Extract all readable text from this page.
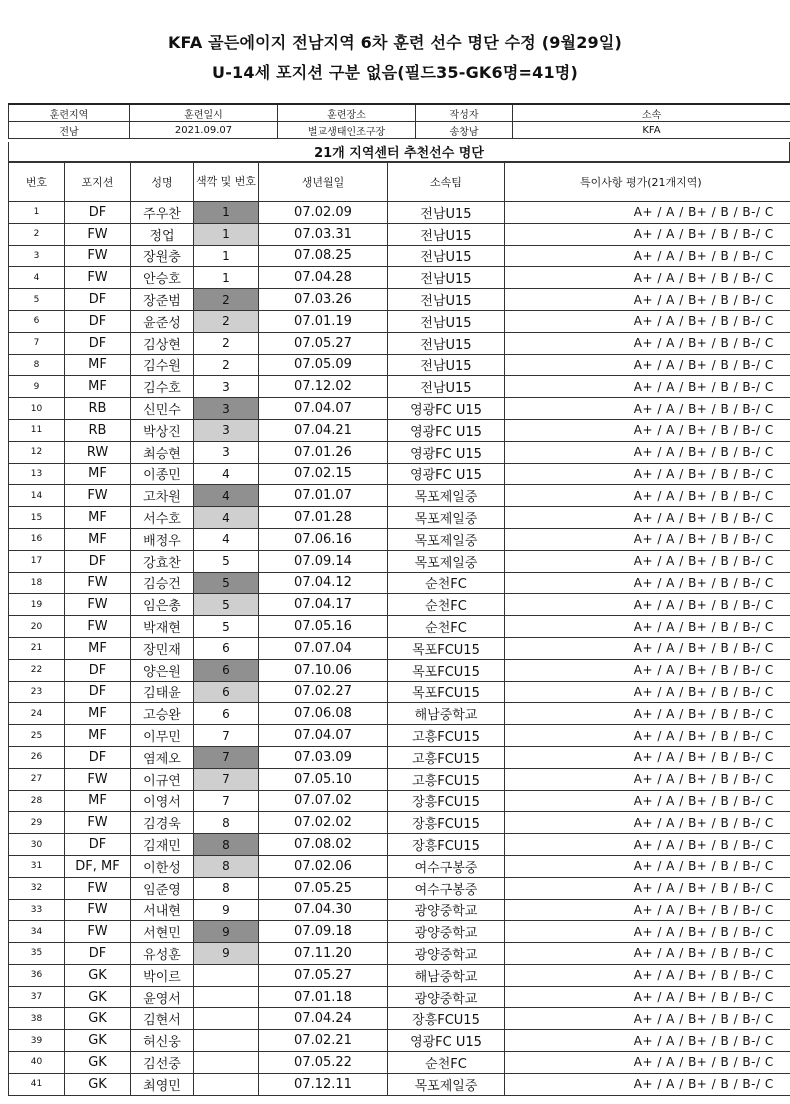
KFA 골든에이지 전남지역 6차 훈련 선수 명단 수정 (9월29일)
U-14세 포지션 구분 없음(필드35-GK6명=41명)
훈련지역	훈련일시	훈련장소	작성자	소속
전남	2021.09.07	벌교생태인조구장	송창남	KFA
21개 지역센터 추천선수 명단
번호	포지션	성명	색깍 및 번호	생년월일	소속팀	특이사항 평가(21개지역)	
1	DF	주우찬	1	07.02.09	전남U15		A+ / A / B+ / B / B-/ C
2	FW	정업	1	07.03.31	전남U15		A+ / A / B+ / B / B-/ C
3	FW	장원충	1	07.08.25	전남U15		A+ / A / B+ / B / B-/ C
4	FW	안승호	1	07.04.28	전남U15		A+ / A / B+ / B / B-/ C
5	DF	장준범	2	07.03.26	전남U15		A+ / A / B+ / B / B-/ C
6	DF	윤준성	2	07.01.19	전남U15		A+ / A / B+ / B / B-/ C
7	DF	김상현	2	07.05.27	전남U15		A+ / A / B+ / B / B-/ C
8	MF	김수원	2	07.05.09	전남U15		A+ / A / B+ / B / B-/ C
9	MF	김수호	3	07.12.02	전남U15		A+ / A / B+ / B / B-/ C
10	RB	신민수	3	07.04.07	영광FC U15		A+ / A / B+ / B / B-/ C
11	RB	박상진	3	07.04.21	영광FC U15		A+ / A / B+ / B / B-/ C
12	RW	최승현	3	07.01.26	영광FC U15		A+ / A / B+ / B / B-/ C
13	MF	이종민	4	07.02.15	영광FC U15		A+ / A / B+ / B / B-/ C
14	FW	고차원	4	07.01.07	목포제일중		A+ / A / B+ / B / B-/ C
15	MF	서수호	4	07.01.28	목포제일중		A+ / A / B+ / B / B-/ C
16	MF	배정우	4	07.06.16	목포제일중		A+ / A / B+ / B / B-/ C
17	DF	강효찬	5	07.09.14	목포제일중		A+ / A / B+ / B / B-/ C
18	FW	김승건	5	07.04.12	순천FC		A+ / A / B+ / B / B-/ C
19	FW	임은총	5	07.04.17	순천FC		A+ / A / B+ / B / B-/ C
20	FW	박재현	5	07.05.16	순천FC		A+ / A / B+ / B / B-/ C
21	MF	장민재	6	07.07.04	목포FCU15		A+ / A / B+ / B / B-/ C
22	DF	양은원	6	07.10.06	목포FCU15		A+ / A / B+ / B / B-/ C
23	DF	김태윤	6	07.02.27	목포FCU15		A+ / A / B+ / B / B-/ C
24	MF	고승완	6	07.06.08	해남중학교		A+ / A / B+ / B / B-/ C
25	MF	이무민	7	07.04.07	고흥FCU15		A+ / A / B+ / B / B-/ C
26	DF	염제오	7	07.03.09	고흥FCU15		A+ / A / B+ / B / B-/ C
27	FW	이규연	7	07.05.10	고흥FCU15		A+ / A / B+ / B / B-/ C
28	MF	이영서	7	07.07.02	장흥FCU15		A+ / A / B+ / B / B-/ C
29	FW	김경욱	8	07.02.02	장흥FCU15		A+ / A / B+ / B / B-/ C
30	DF	김재민	8	07.08.02	장흥FCU15		A+ / A / B+ / B / B-/ C
31	DF, MF	이한성	8	07.02.06	여수구봉중		A+ / A / B+ / B / B-/ C
32	FW	임준영	8	07.05.25	여수구봉중		A+ / A / B+ / B / B-/ C
33	FW	서내현	9	07.04.30	광양중학교		A+ / A / B+ / B / B-/ C
34	FW	서현민	9	07.09.18	광양중학교		A+ / A / B+ / B / B-/ C
35	DF	유성훈	9	07.11.20	광양중학교		A+ / A / B+ / B / B-/ C
36	GK	박이르		07.05.27	해남중학교		A+ / A / B+ / B / B-/ C
37	GK	윤영서		07.01.18	광양중학교		A+ / A / B+ / B / B-/ C
38	GK	김현서		07.04.24	장흥FCU15		A+ / A / B+ / B / B-/ C
39	GK	허신웅		07.02.21	영광FC U15		A+ / A / B+ / B / B-/ C
40	GK	김선중		07.05.22	순천FC		A+ / A / B+ / B / B-/ C
41	GK	최영민		07.12.11	목포제일중		A+ / A / B+ / B / B-/ C
